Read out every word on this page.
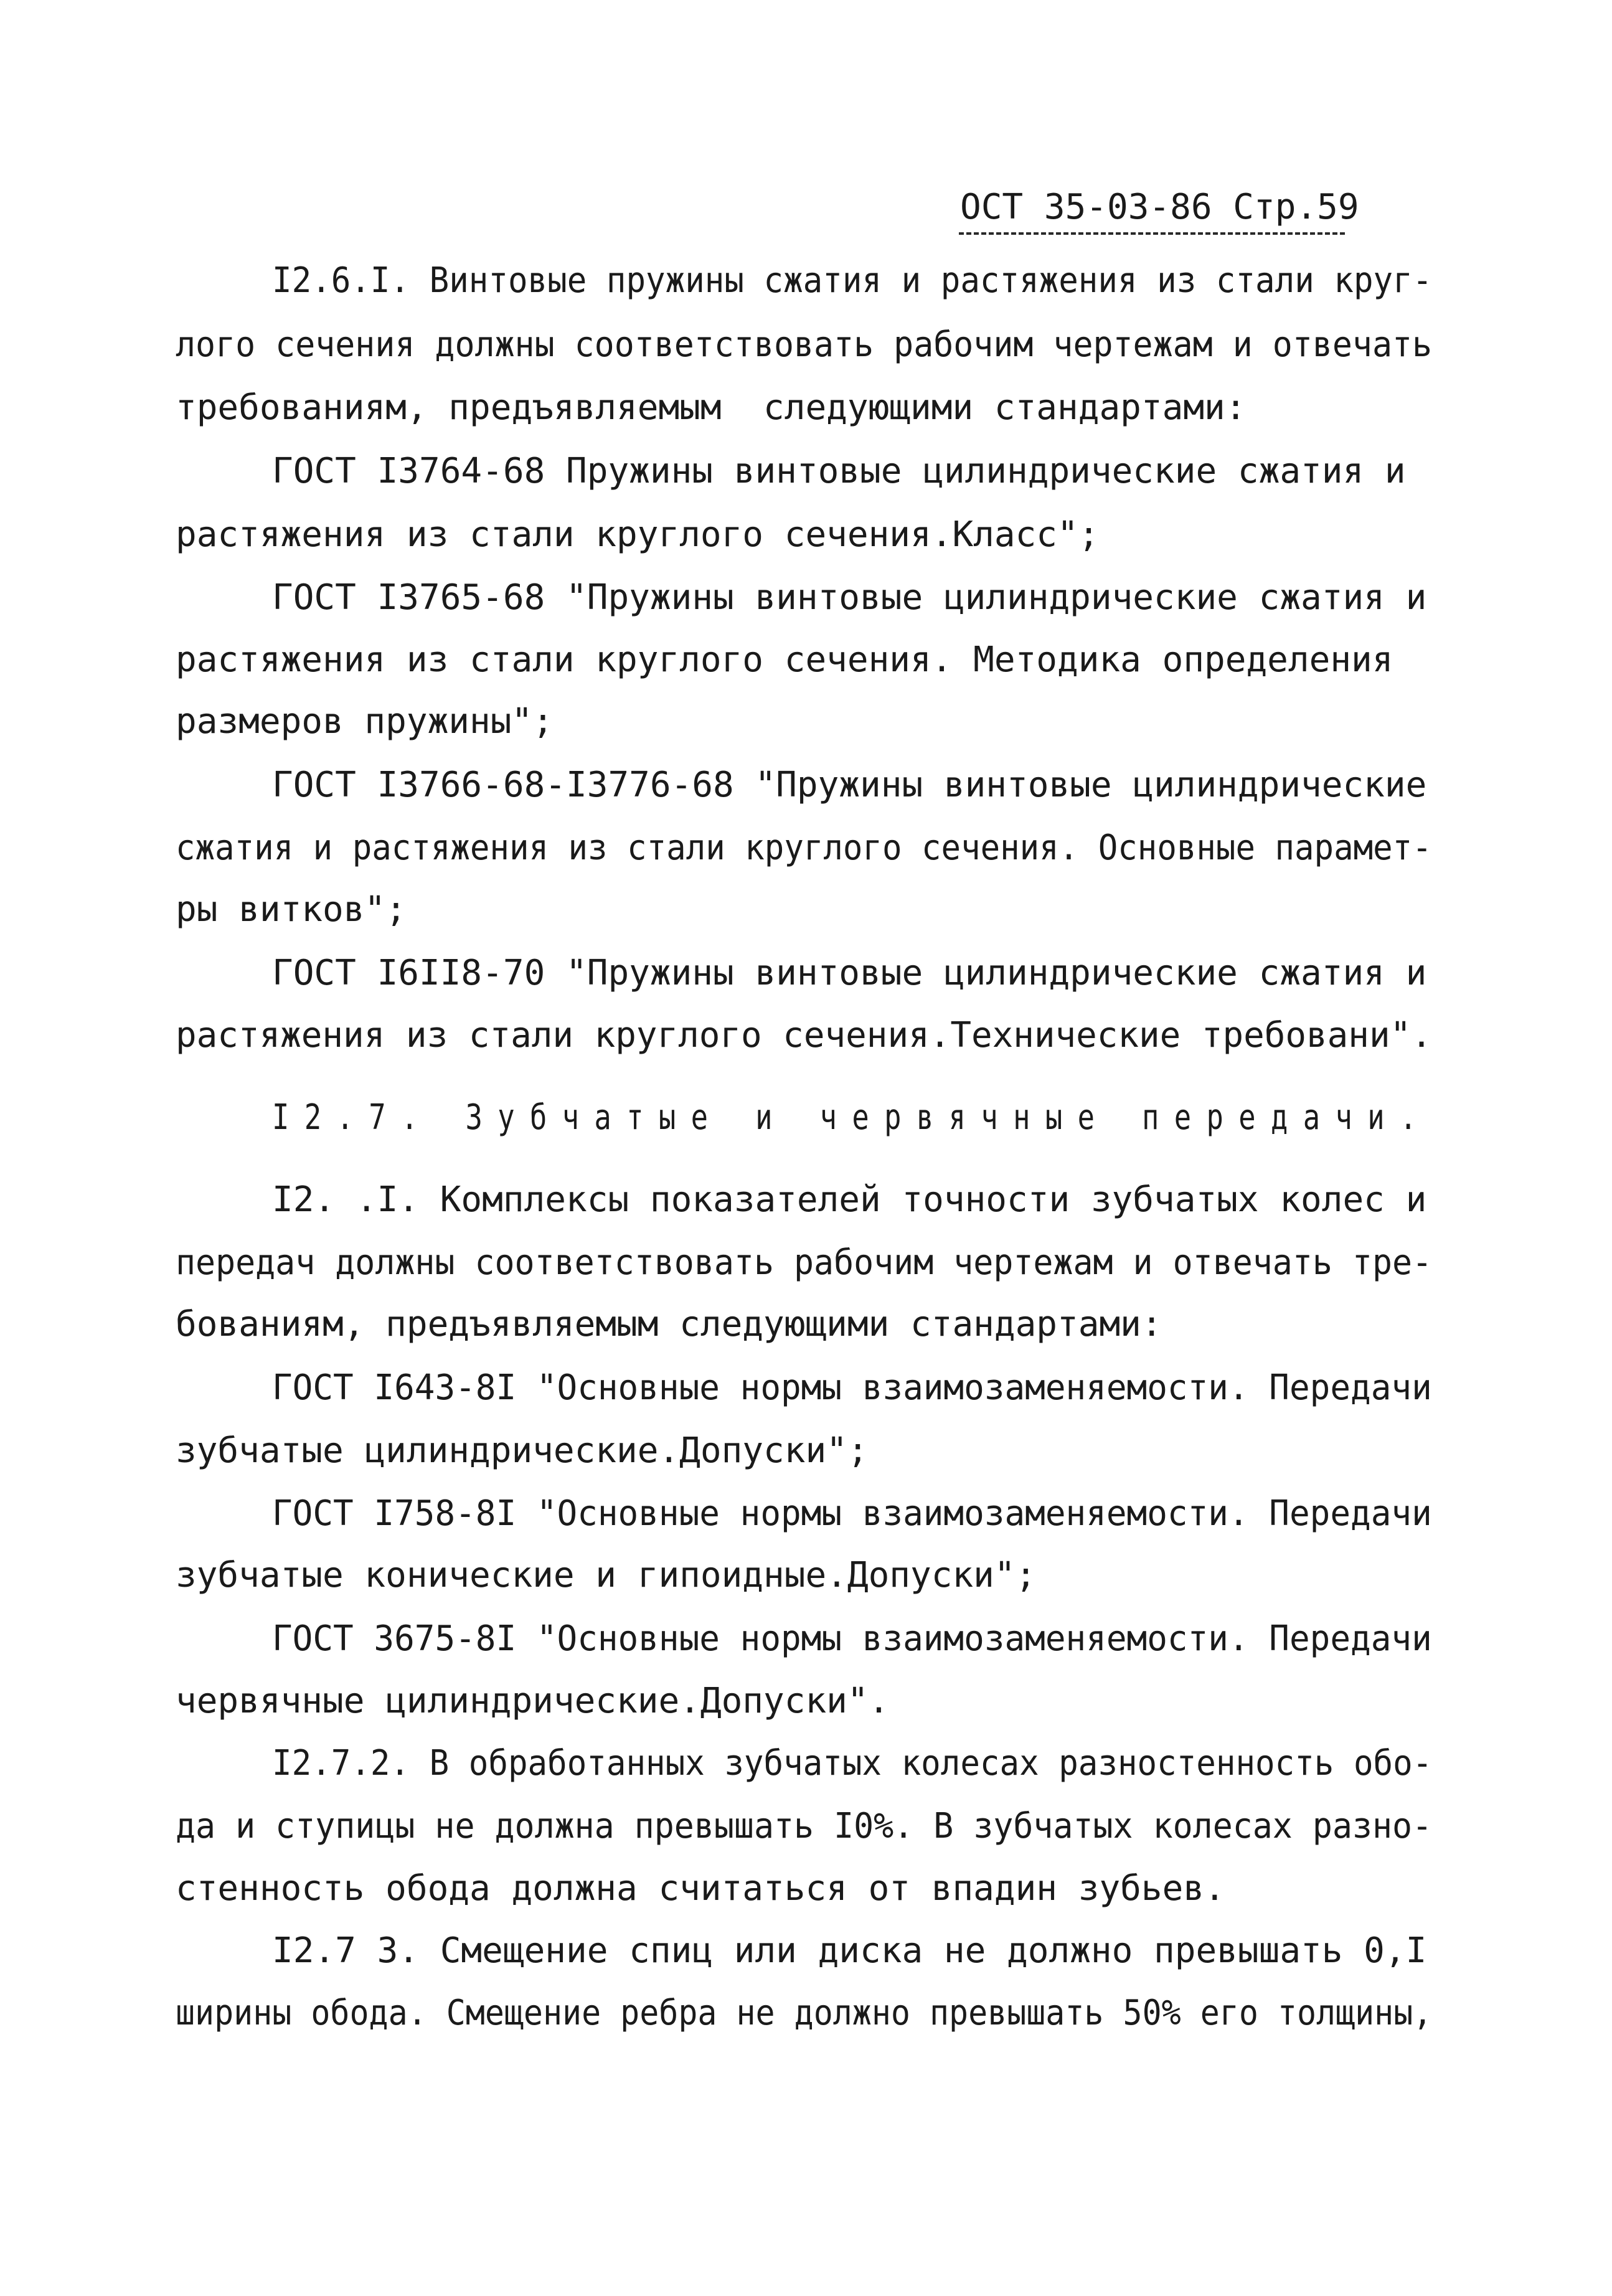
ОСТ 35-03-86 Стр.59
I2.6.I. Винтовые пружины сжатия и растяжения из стали круг-
лого сечения должны соответствовать рабочим чертежам и отвечать
требованиям, предъявляемым  следующими стандартами:
ГОСТ I3764-68 Пружины винтовые цилиндрические сжатия и
растяжения из стали круглого сечения.Класс";
ГОСТ I3765-68 "Пружины винтовые цилиндрические сжатия и
растяжения из стали круглого сечения. Методика определения
размеров пружины";
ГОСТ I3766-68-I3776-68 "Пружины винтовые цилиндрические
сжатия и растяжения из стали круглого сечения. Основные парамет-
ры витков";
ГОСТ I6II8-70 "Пружины винтовые цилиндрические сжатия и
растяжения из стали круглого сечения.Технические требовани".
I2.7. Зубчатые и червячные передачи.
I2. .I. Комплексы показателей точности зубчатых колес и
передач должны соответствовать рабочим чертежам и отвечать тре-
бованиям, предъявляемым следующими стандартами:
ГОСТ I643-8I "Основные нормы взаимозаменяемости. Передачи
зубчатые цилиндрические.Допуски";
ГОСТ I758-8I "Основные нормы взаимозаменяемости. Передачи
зубчатые конические и гипоидные.Допуски";
ГОСТ 3675-8I "Основные нормы взаимозаменяемости. Передачи
червячные цилиндрические.Допуски".
I2.7.2. В обработанных зубчатых колесах разностенность обо-
да и ступицы не должна превышать I0%. В зубчатых колесах разно-
стенность обода должна считаться от впадин зубьев.
I2.7 3. Смещение спиц или диска не должно превышать 0,I
ширины обода. Смещение ребра не должно превышать 50% его толщины,
